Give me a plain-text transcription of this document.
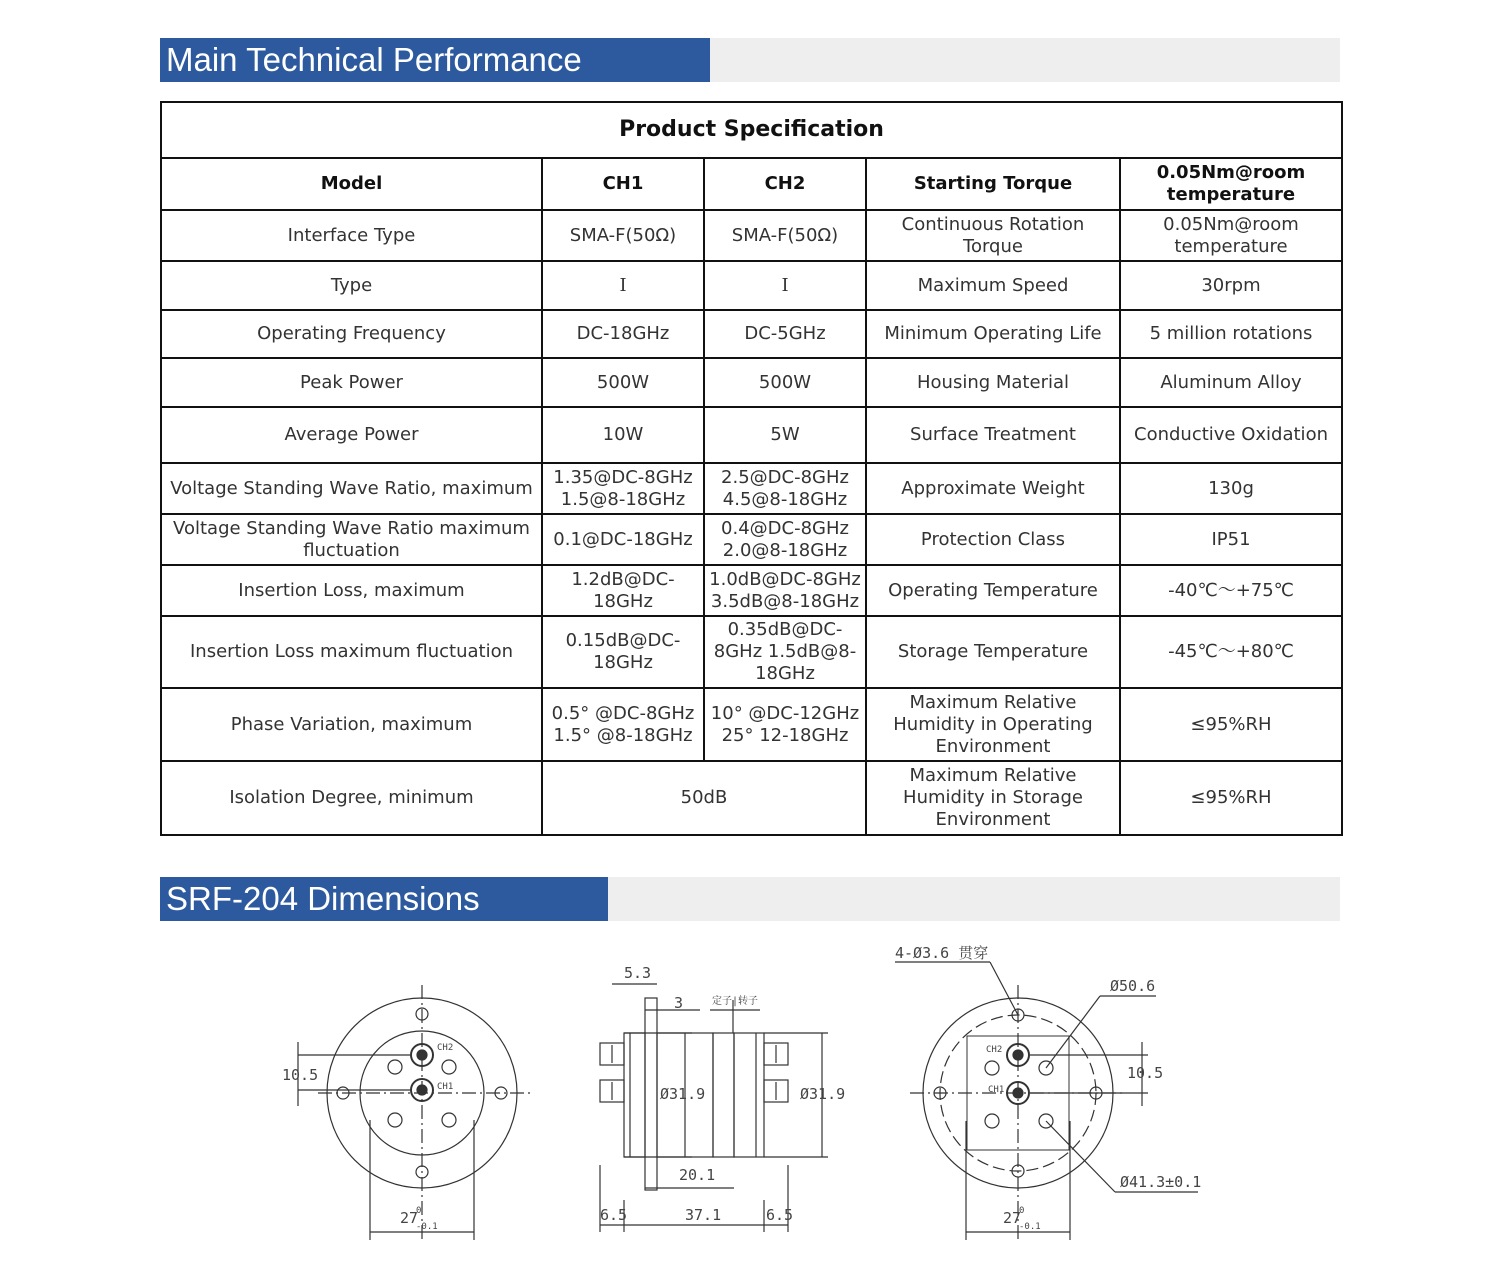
Main Technical Performance
Product Specification				
Model	CH1	CH2	Starting Torque	0.05Nm@room temperature
Interface Type	SMA-F(50Ω)	SMA-F(50Ω)	Continuous Rotation Torque	0.05Nm@room temperature
Type	I	I	Maximum Speed	30rpm
Operating Frequency	DC-18GHz	DC-5GHz	Minimum Operating Life	5 million rotations
Peak Power	500W	500W	Housing Material	Aluminum Alloy
Average Power	10W	5W	Surface Treatment	Conductive Oxidation
Voltage Standing Wave Ratio, maximum	1.35@DC-8GHz 1.5@8-18GHz	2.5@DC-8GHz 4.5@8-18GHz	Approximate Weight	130g
Voltage Standing Wave Ratio maximum fluctuation	0.1@DC-18GHz	0.4@DC-8GHz 2.0@8-18GHz	Protection Class	IP51
Insertion Loss, maximum	1.2dB@DC-18GHz	1.0dB@DC-8GHz 3.5dB@8-18GHz	Operating Temperature	-40℃～+75℃
Insertion Loss maximum fluctuation	0.15dB@DC-18GHz	0.35dB@DC-8GHz 1.5dB@8-18GHz	Storage Temperature	-45℃～+80℃
Phase Variation, maximum	0.5° @DC-8GHz 1.5° @8-18GHz	10° @DC-12GHz 25° 12-18GHz	Maximum Relative Humidity in Operating Environment	≤95%RH
Isolation Degree, minimum	50dB		Maximum Relative Humidity in Storage Environment	≤95%RH
SRF-204 Dimensions
CH2
CH1
10.5
27
0
-0.1
5.3
3	定子|转子
Ø31.9	Ø31.9
20.1
37.1
6.5	6.5
4-Ø3.6 贯穿
Ø50.6
CH2
CH1
10.5
Ø41.3±0.1
27
0
-0.1
